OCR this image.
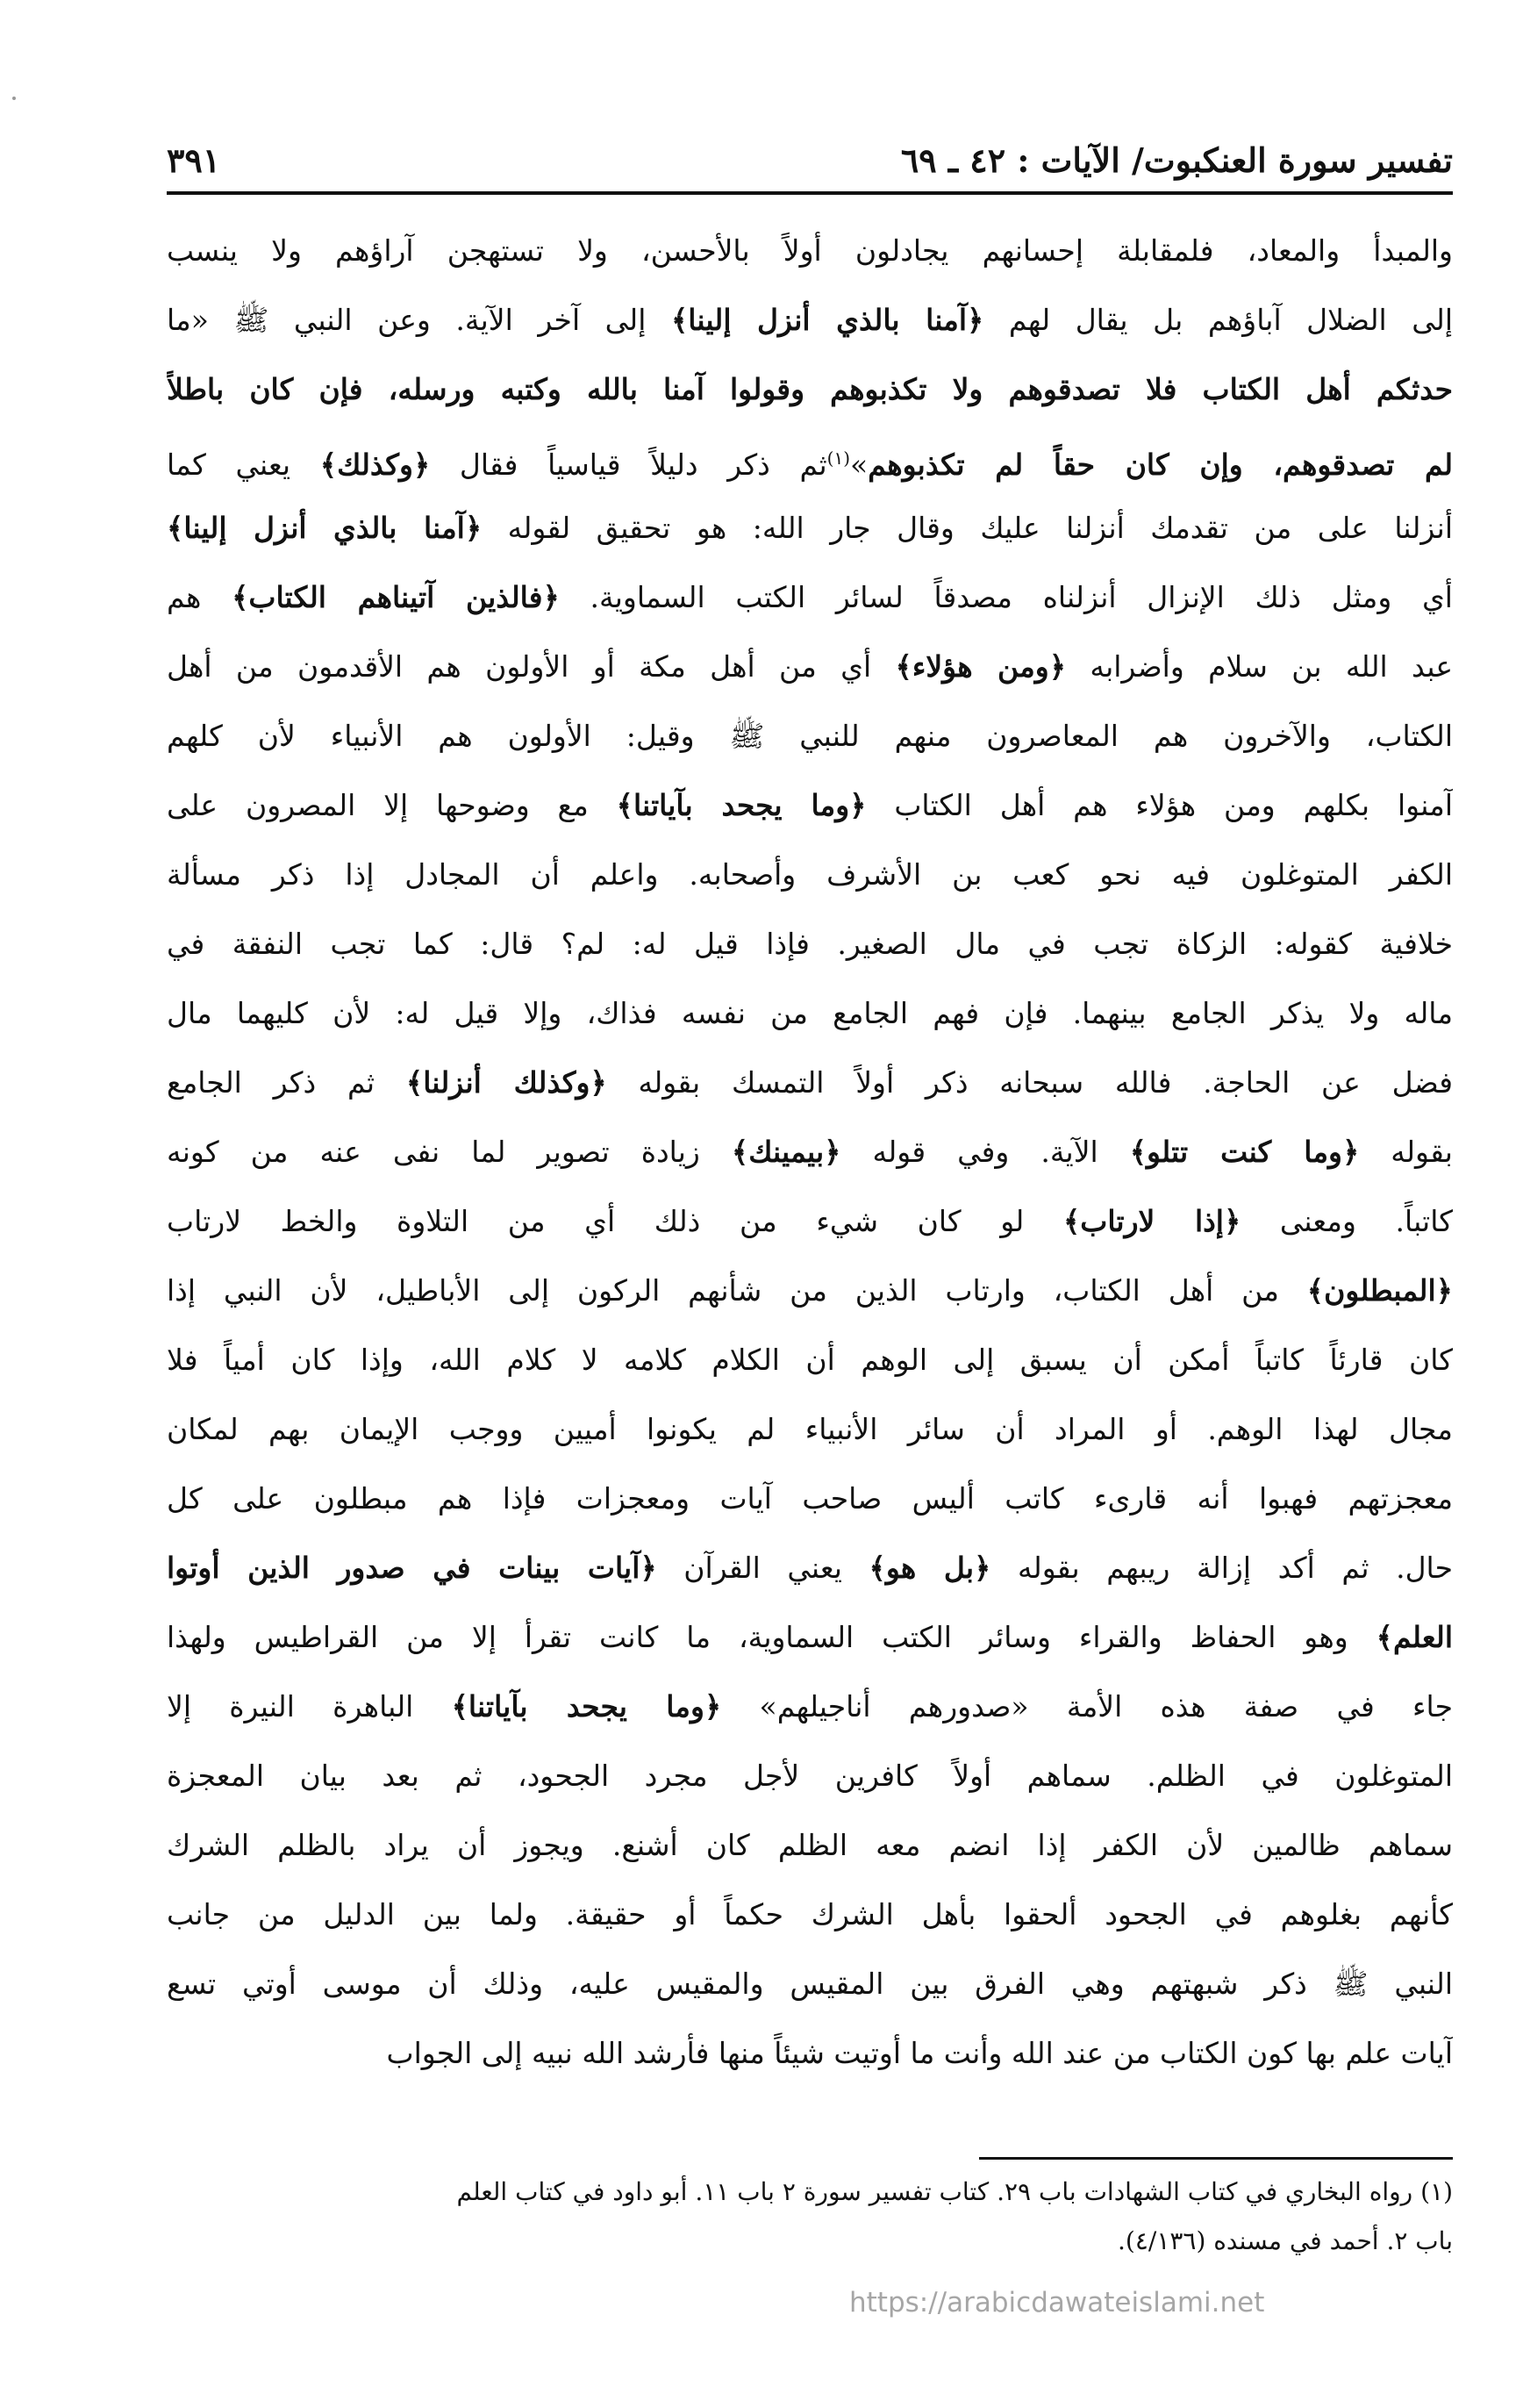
تفسير سورة العنكبوت/ الآيات : ٤٢ ـ ٦٩
٣٩١
والمبدأ والمعاد، فلمقابلة إحسانهم يجادلون أولاً بالأحسن، ولا تستهجن آراؤهم ولا ينسب
إلى الضلال آباؤهم بل يقال لهم ﴿آمنا بالذي أنزل إلينا﴾ إلى آخر الآية. وعن النبي ﷺ «ما
حدثكم أهل الكتاب فلا تصدقوهم ولا تكذبوهم وقولوا آمنا بالله وكتبه ورسله، فإن كان باطلاً
لم تصدقوهم، وإن كان حقاً لم تكذبوهم»$^{(١)}$ثم ذكر دليلاً قياسياً فقال ﴿وكذلك﴾ يعني كما
أنزلنا على من تقدمك أنزلنا عليك وقال جار الله: هو تحقيق لقوله ﴿آمنا بالذي أنزل إلينا﴾
أي ومثل ذلك الإنزال أنزلناه مصدقاً لسائر الكتب السماوية. ﴿فالذين آتيناهم الكتاب﴾ هم
عبد الله بن سلام وأضرابه ﴿ومن هؤلاء﴾ أي من أهل مكة أو الأولون هم الأقدمون من أهل
الكتاب، والآخرون هم المعاصرون منهم للنبي ﷺ وقيل: الأولون هم الأنبياء لأن كلهم
آمنوا بكلهم ومن هؤلاء هم أهل الكتاب ﴿وما يجحد بآياتنا﴾ مع وضوحها إلا المصرون على
الكفر المتوغلون فيه نحو كعب بن الأشرف وأصحابه. واعلم أن المجادل إذا ذكر مسألة
خلافية كقوله: الزكاة تجب في مال الصغير. فإذا قيل له: لم؟ قال: كما تجب النفقة في
ماله ولا يذكر الجامع بينهما. فإن فهم الجامع من نفسه فذاك، وإلا قيل له: لأن كليهما مال
فضل عن الحاجة. فالله سبحانه ذكر أولاً التمسك بقوله ﴿وكذلك أنزلنا﴾ ثم ذكر الجامع
بقوله ﴿وما كنت تتلو﴾ الآية. وفي قوله ﴿بيمينك﴾ زيادة تصوير لما نفى عنه من كونه
كاتباً. ومعنى ﴿إذا لارتاب﴾ لو كان شيء من ذلك أي من التلاوة والخط لارتاب
﴿المبطلون﴾ من أهل الكتاب، وارتاب الذين من شأنهم الركون إلى الأباطيل، لأن النبي إذا
كان قارئاً كاتباً أمكن أن يسبق إلى الوهم أن الكلام كلامه لا كلام الله، وإذا كان أمياً فلا
مجال لهذا الوهم. أو المراد أن سائر الأنبياء لم يكونوا أميين ووجب الإيمان بهم لمكان
معجزتهم فهبوا أنه قارىء كاتب أليس صاحب آيات ومعجزات فإذا هم مبطلون على كل
حال. ثم أكد إزالة ريبهم بقوله ﴿بل هو﴾ يعني القرآن ﴿آيات بينات في صدور الذين أوتوا
العلم﴾ وهو الحفاظ والقراء وسائر الكتب السماوية، ما كانت تقرأ إلا من القراطيس ولهذا
جاء في صفة هذه الأمة «صدورهم أناجيلهم» ﴿وما يجحد بآياتنا﴾ الباهرة النيرة إلا
المتوغلون في الظلم. سماهم أولاً كافرين لأجل مجرد الجحود، ثم بعد بيان المعجزة
سماهم ظالمين لأن الكفر إذا انضم معه الظلم كان أشنع. ويجوز أن يراد بالظلم الشرك
كأنهم بغلوهم في الجحود ألحقوا بأهل الشرك حكماً أو حقيقة. ولما بين الدليل من جانب
النبي ﷺ ذكر شبهتهم وهي الفرق بين المقيس والمقيس عليه، وذلك أن موسى أوتي تسع
آيات علم بها كون الكتاب من عند الله وأنت ما أوتيت شيئاً منها فأرشد الله نبيه إلى الجواب
(١) رواه البخاري في كتاب الشهادات باب ٢٩. كتاب تفسير سورة ٢ باب ١١. أبو داود في كتاب العلم
باب ٢. أحمد في مسنده (٤/١٣٦).
https://arabicdawateislami.net
